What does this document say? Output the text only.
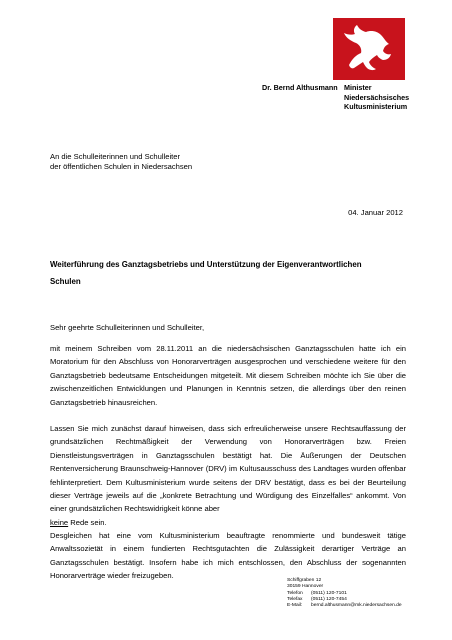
Dr. Bernd Althusmann Minister
Niedersächsisches
Kultusministerium
An die Schulleiterinnen und Schulleiter
der öffentlichen Schulen in Niedersachsen
04. Januar 2012
Weiterführung des Ganztagsbetriebs und Unterstützung der Eigenverantwortlichen
Schulen
Sehr geehrte Schulleiterinnen und Schulleiter,
mit meinem Schreiben vom 28.11.2011 an die niedersächsischen Ganztagsschulen hatte ich ein Moratorium für den Abschluss von Honorarverträgen ausgesprochen und verschiedene weitere für den Ganztagsbetrieb bedeutsame Entscheidungen mitgeteilt. Mit diesem Schreiben möchte ich Sie über die zwischenzeitlichen Entwicklungen und Planungen in Kenntnis setzen, die allerdings über den reinen Ganztagsbetrieb hinausreichen.
Lassen Sie mich zunächst darauf hinweisen, dass sich erfreulicherweise unsere Rechtsauffassung der grundsätzlichen Rechtmäßigkeit der Verwendung von Honorarverträgen bzw. Freien Dienstleistungsverträgen in Ganztagsschulen bestätigt hat. Die Äußerungen der Deutschen Rentenversicherung Braunschweig-Hannover (DRV) im Kultusausschuss des Landtages wurden offenbar fehlinterpretiert. Dem Kultusministerium wurde seitens der DRV bestätigt, dass es bei der Beurteilung dieser Verträge jeweils auf die „konkrete Betrachtung und Würdigung des Einzelfalles“ ankommt. Von einer grundsätzlichen Rechtswidrigkeit könne aber
keine Rede sein.
Desgleichen hat eine vom Kultusministerium beauftragte renommierte und bundesweit tätige Anwaltssozietät in einem fundierten Rechtsgutachten die Zulässigkeit derartiger Verträge an Ganztagsschulen bestätigt. Insofern habe ich mich entschlossen, den Abschluss der sogenannten Honorarverträge wieder freizugeben.
Schiffgraben 12
30159 Hannover
Telefon (0511) 120-7101
Telefax (0511) 120-7454
E-Mail: bernd.althusmann@mk.niedersachsen.de
